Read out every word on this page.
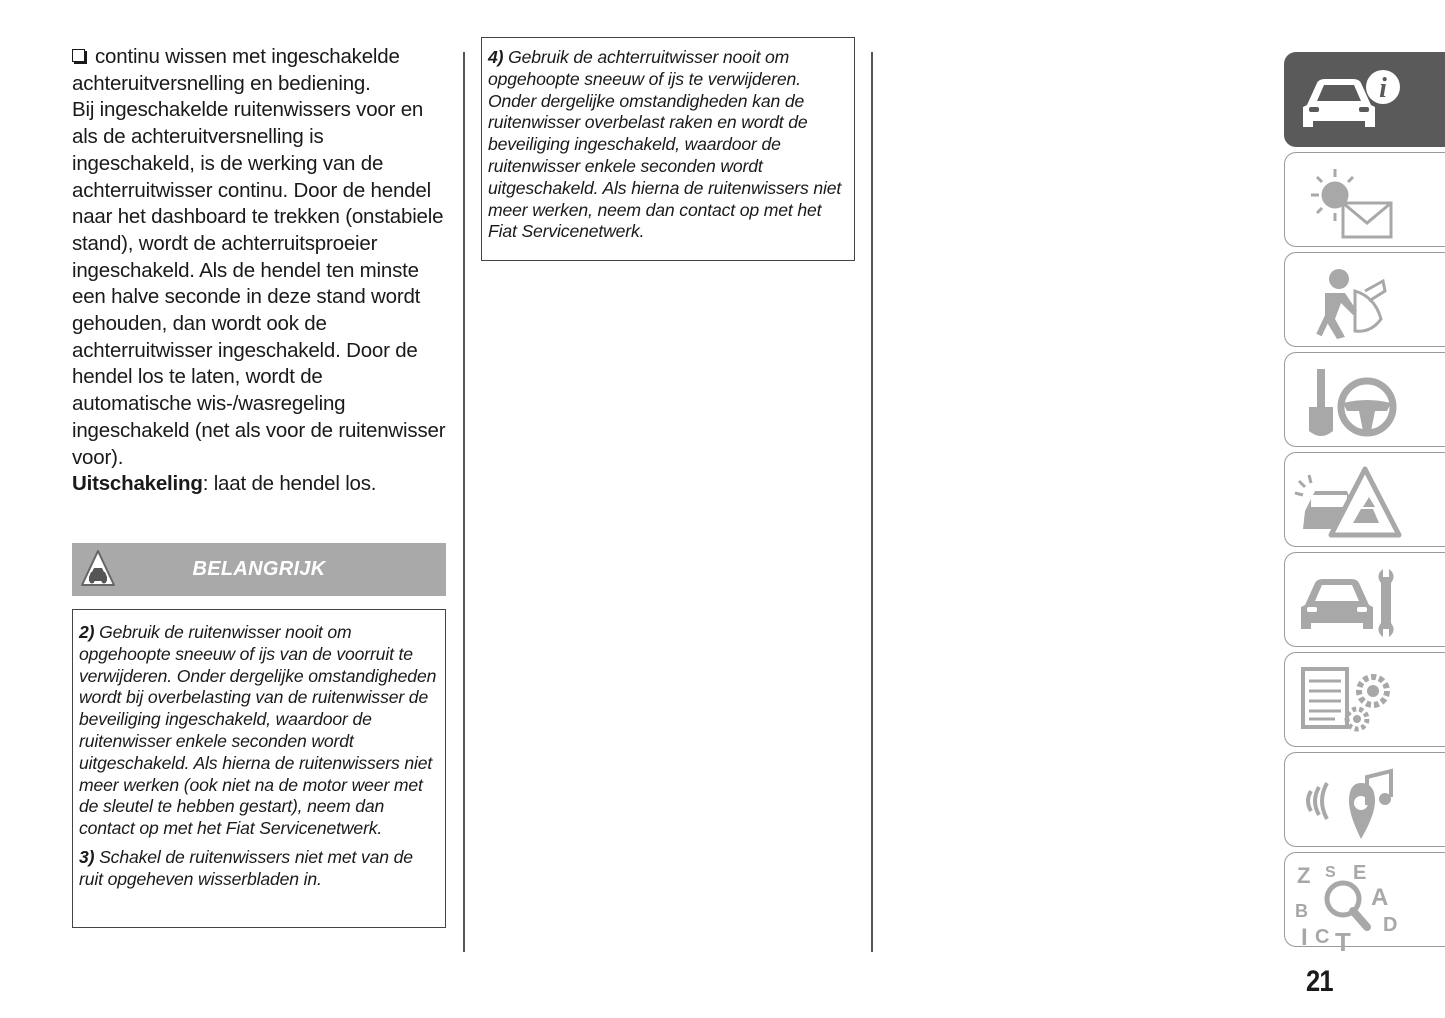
continu wissen met ingeschakelde achteruitversnelling en bediening.

Bij ingeschakelde ruitenwissers voor en als de achteruitversnelling is ingeschakeld, is de werking van de achterruitwisser continu. Door de hendel naar het dashboard te trekken (onstabiele stand), wordt de achterruitsproeier ingeschakeld. Als de hendel ten minste een halve seconde in deze stand wordt gehouden, dan wordt ook de achterruitwisser ingeschakeld. Door de hendel los te laten, wordt de automatische wis-/wasregeling ingeschakeld (net als voor de ruitenwisser voor).

Uitschakeling: laat de hendel los.

BELANGRIJK

2) Gebruik de ruitenwisser nooit om opgehoopte sneeuw of ijs van de voorruit te verwijderen. Onder dergelijke omstandigheden wordt bij overbelasting van de ruitenwisser de beveiliging ingeschakeld, waardoor de ruitenwisser enkele seconden wordt uitgeschakeld. Als hierna de ruitenwissers niet meer werken (ook niet na de motor weer met de sleutel te hebben gestart), neem dan contact op met het Fiat Servicenetwerk.

3) Schakel de ruitenwissers niet met van de ruit opgeheven wisserbladen in.

4) Gebruik de achterruitwisser nooit om opgehoopte sneeuw of ijs te verwijderen. Onder dergelijke omstandigheden kan de ruitenwisser overbelast raken en wordt de beveiliging ingeschakeld, waardoor de ruitenwisser enkele seconden wordt uitgeschakeld. Als hierna de ruitenwissers niet meer werken, neem dan contact op met het Fiat Servicenetwerk.

i
Z S E
A
B
D
I C T
21
